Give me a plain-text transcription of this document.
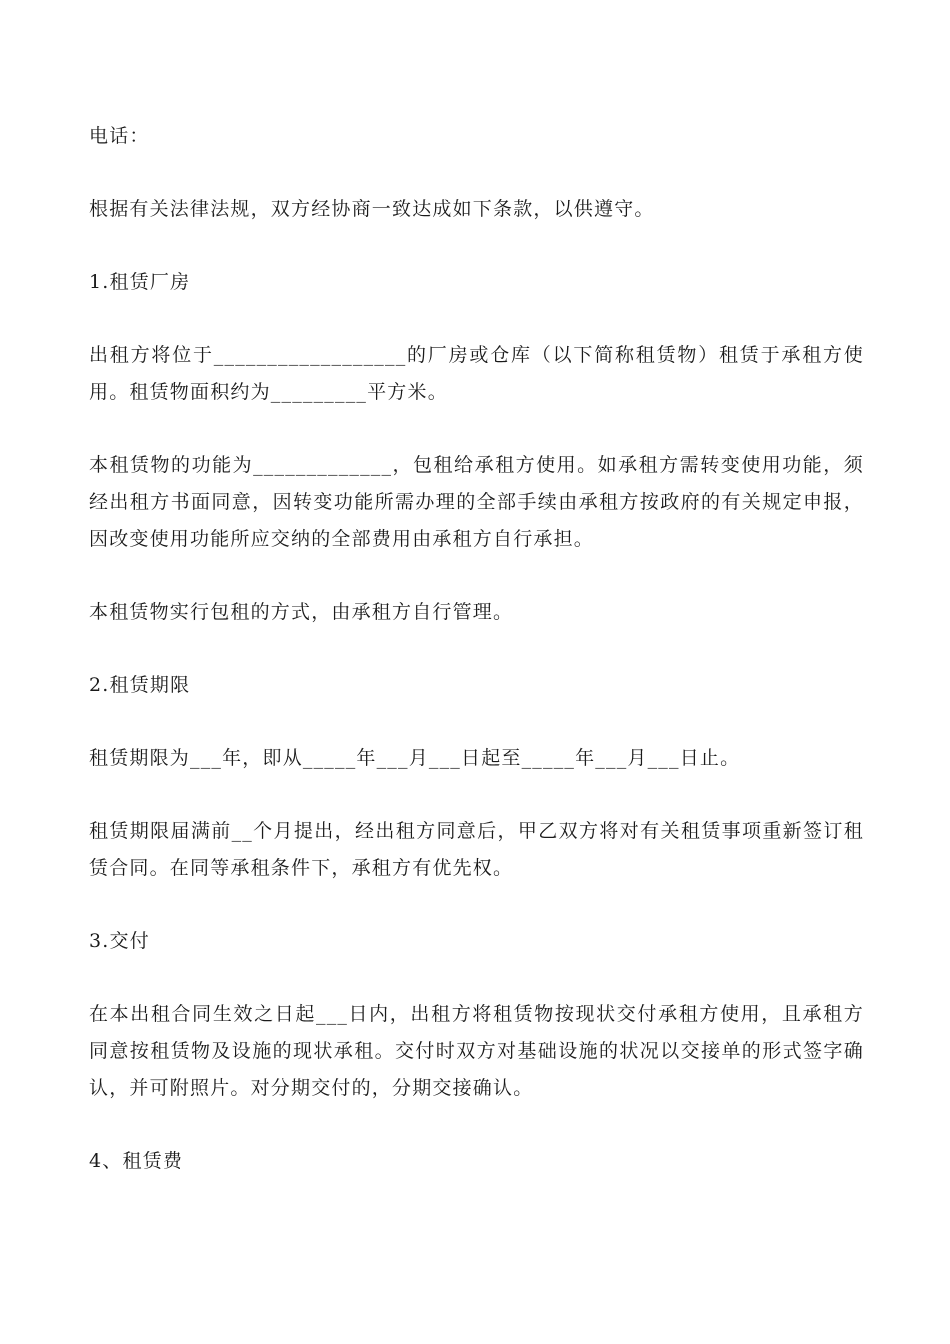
电话：

根据有关法律法规，双方经协商一致达成如下条款，以供遵守。

1.租赁厂房

出租方将位于__________________的厂房或仓库（以下简称租赁物）租赁于承租方使用。租赁物面积约为_________平方米。

本租赁物的功能为_____________，包租给承租方使用。如承租方需转变使用功能，须经出租方书面同意，因转变功能所需办理的全部手续由承租方按政府的有关规定申报，因改变使用功能所应交纳的全部费用由承租方自行承担。

本租赁物实行包租的方式，由承租方自行管理。

2.租赁期限

租赁期限为___年，即从_____年___月___日起至_____年___月___日止。

租赁期限届满前__个月提出，经出租方同意后，甲乙双方将对有关租赁事项重新签订租赁合同。在同等承租条件下，承租方有优先权。

3.交付

在本出租合同生效之日起___日内，出租方将租赁物按现状交付承租方使用，且承租方同意按租赁物及设施的现状承租。交付时双方对基础设施的状况以交接单的形式签字确认，并可附照片。对分期交付的，分期交接确认。

4、租赁费
